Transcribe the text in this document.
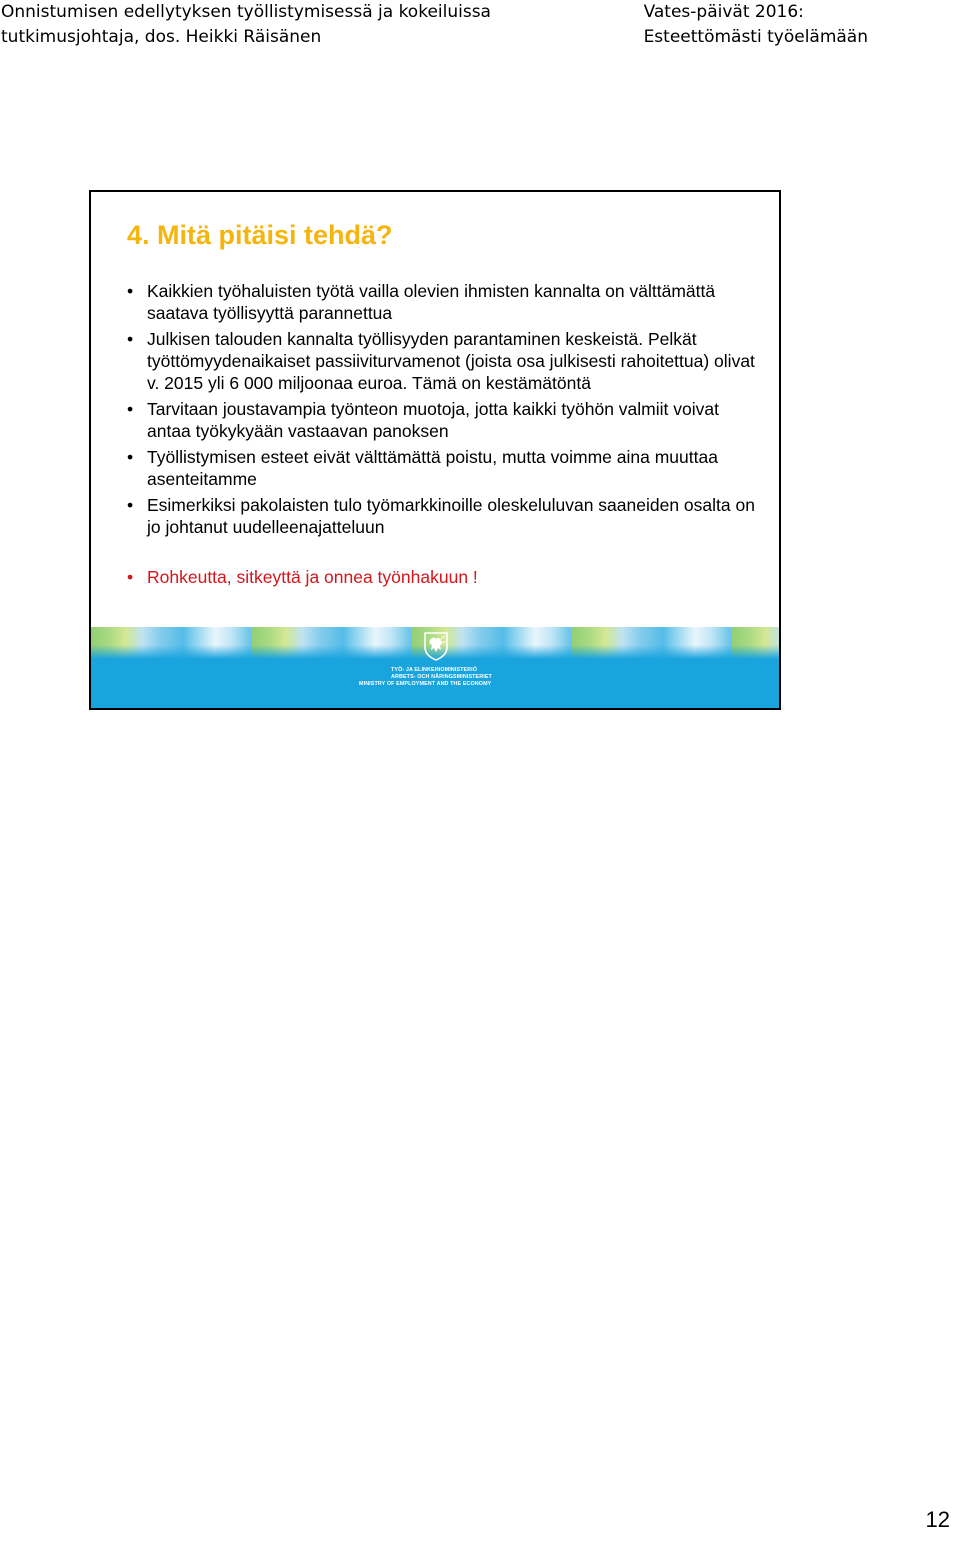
Onnistumisen edellytyksen työllistymisessä ja kokeiluissa
tutkimusjohtaja, dos. Heikki Räisänen
Vates-päivät 2016:
Esteettömästi työelämään
4. Mitä pitäisi tehdä?
• Kaikkien työhaluisten työtä vailla olevien ihmisten kannalta on välttämättä saatava työllisyyttä parannettua
• Julkisen talouden kannalta työllisyyden parantaminen keskeistä. Pelkät työttömyydenaikaiset passiiviturvamenot (joista osa julkisesti rahoitettua) olivat v. 2015 yli 6 000 miljoonaa euroa. Tämä on kestämätöntä
• Tarvitaan joustavampia työnteon muotoja, jotta kaikki työhön valmiit voivat antaa työkykyään vastaavan panoksen
• Työllistymisen esteet eivät välttämättä poistu, mutta voimme aina muuttaa asenteitamme
• Esimerkiksi pakolaisten tulo työmarkkinoille oleskeluluvan saaneiden osalta on jo johtanut uudelleenajatteluun
• Rohkeutta, sitkeyttä ja onnea työnhakuun !
TYÖ- JA ELINKEINOMINISTERIÖ
ARBETS- OCH NÄRINGSMINISTERIET
MINISTRY OF EMPLOYMENT AND THE ECONOMY
12
